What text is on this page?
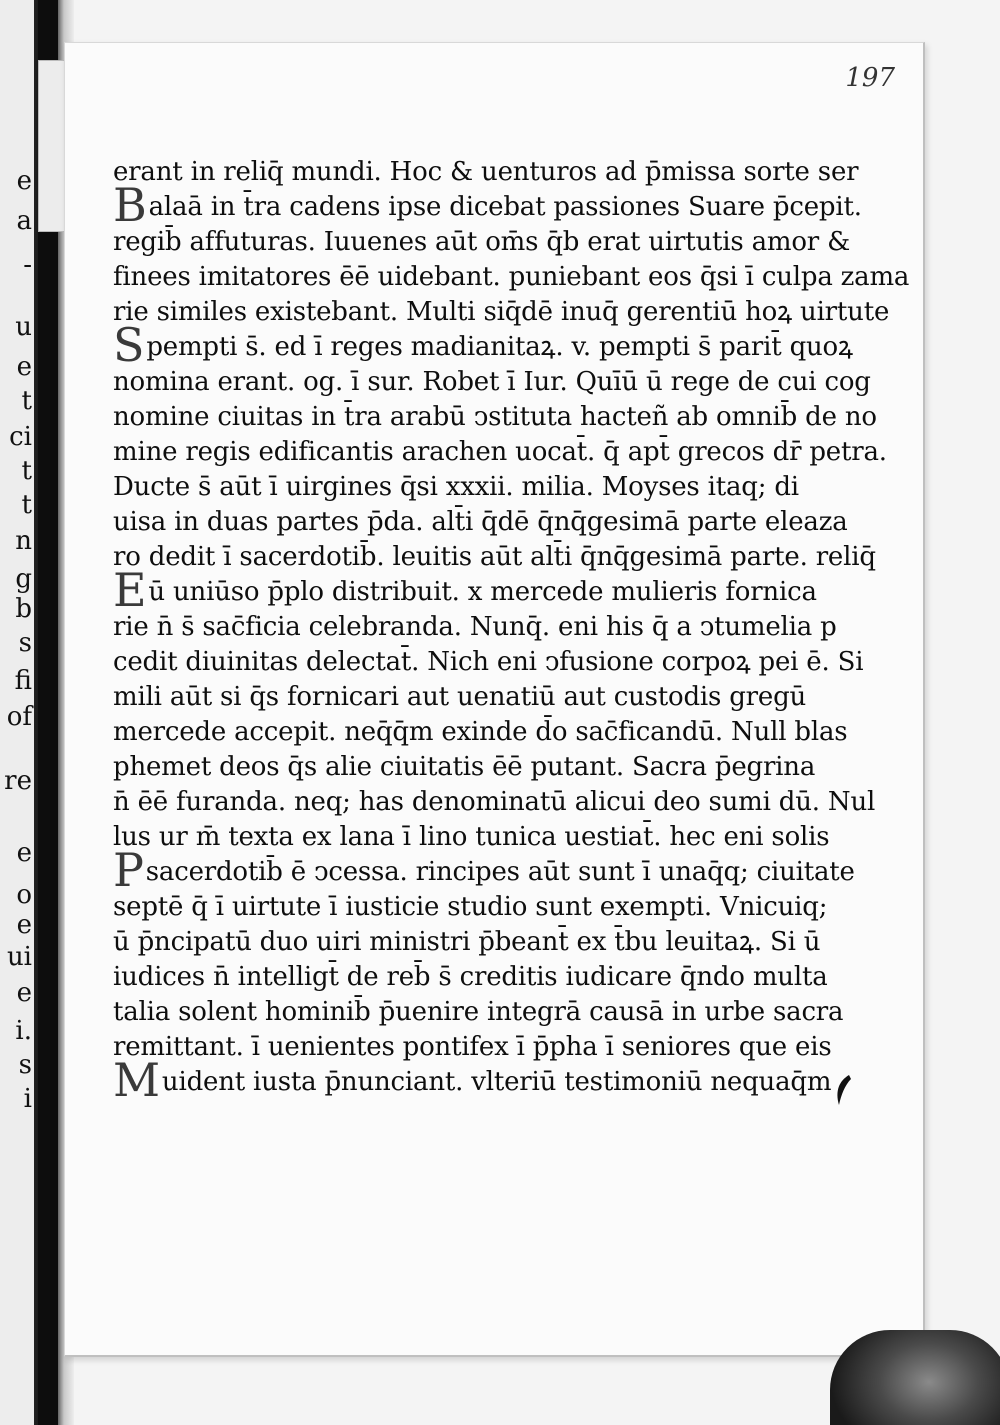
e
a
-
u
e
t
ci
t
t
n
g
b
s
fi
of
re
e
o
e
ui
e
i.
s
i
197
erant in reliq̄ mundi. Hoc & uenturos ad p̄missa sorte ser
Balaā in t̄ra cadens ipse dicebat passiones Suare p̄cepit.
regib̄ affuturas. Iuuenes aūt om̄s q̄b erat uirtutis amor &
finees imitatores ēē uidebant. puniebant eos q̄si ī culpa zama
rie similes existebant. Multi siq̄dē inuq̄ gerentiū hoꝝ uirtute
Spempti s̄. ed ī reges madianitaꝝ. v. pempti s̄ parit̄ quoꝝ
nomina erant. og. ī sur. Robet ī Iur. Quīū ū rege de cui cog
nomine ciuitas in t̄ra arabū ↄstituta hacteñ ab omnib̄ de no
mine regis edificantis arachen uocat̄. q̄ apt̄ grecos dr̄ petra.
Ducte s̄ aūt ī uirgines q̄si xxxii. milia. Moyses itaq; di
uisa in duas partes p̄da. alt̄i q̄dē q̄nq̄gesimā parte eleaza
ro dedit ī sacerdotib̄. leuitis aūt alt̄i q̄nq̄gesimā parte. reliq̄
Eū uniūso p̄plo distribuit. x mercede mulieris fornica
rie n̄ s̄ sac̄ficia celebranda. Nunq̄. eni his q̄ a ↄtumelia p
cedit diuinitas delectat̄. Nich eni ↄfusione corpoꝝ pei ē. Si
mili aūt si q̄s fornicari aut uenatiū aut custodis gregū
mercede accepit. neq̄q̄m exinde d̄o sac̄ficandū. Null blas
phemet deos q̄s alie ciuitatis ēē putant. Sacra p̄egrina
n̄ ēē furanda. neq; has denominatū alicui deo sumi dū. Nul
lus ur m̄ texta ex lana ī lino tunica uestiat̄. hec eni solis
Psacerdotib̄ ē ↄcessa. rincipes aūt sunt ī unaq̄q; ciuitate
septē q̄ ī uirtute ī iusticie studio sunt exempti. Vnicuiq;
ū p̄ncipatū duo uiri ministri p̄beant̄ ex t̄bu leuitaꝝ. Si ū
iudices n̄ intelligt̄ de reb̄ s̄ creditis iudicare q̄ndo multa
talia solent hominib̄ p̄uenire integrā causā in urbe sacra
remittant. ī uenientes pontifex ī p̄pha ī seniores que eis
Muident iusta p̄nunciant. vlteriū testimoniū nequaq̄m
